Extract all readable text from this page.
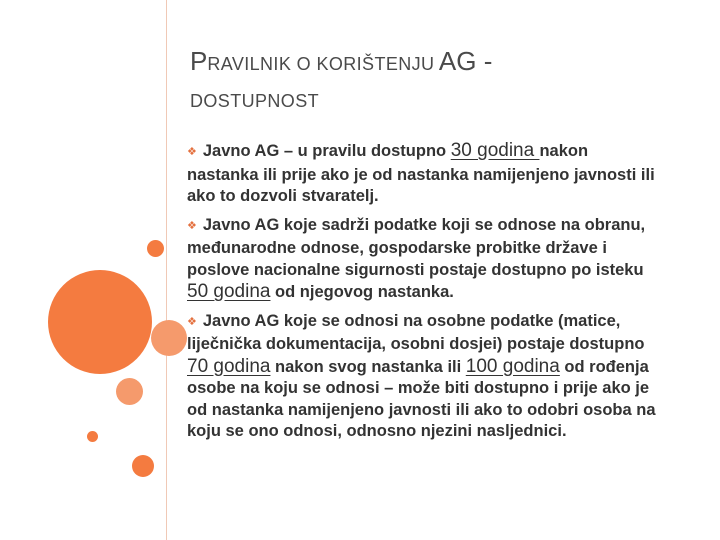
PRAVILNIK O KORIŠTENJU AG -
DOSTUPNOST

❖ Javno AG – u pravilu dostupno 30 godina nakon nastanka ili prije ako je od nastanka namijenjeno javnosti ili ako to dozvoli stvaratelj.

❖ Javno AG koje sadrži podatke koji se odnose na obranu, međunarodne odnose, gospodarske probitke države i poslove nacionalne sigurnosti postaje dostupno po isteku 50 godina od njegovog nastanka.

❖ Javno AG koje se odnosi na osobne podatke (matice, liječnička dokumentacija, osobni dosjei) postaje dostupno 70 godina nakon svog nastanka ili 100 godina od rođenja osobe na koju se odnosi – može biti dostupno i prije ako je od nastanka namijenjeno javnosti ili ako to odobri osoba na koju se ono odnosi, odnosno njezini nasljednici.
